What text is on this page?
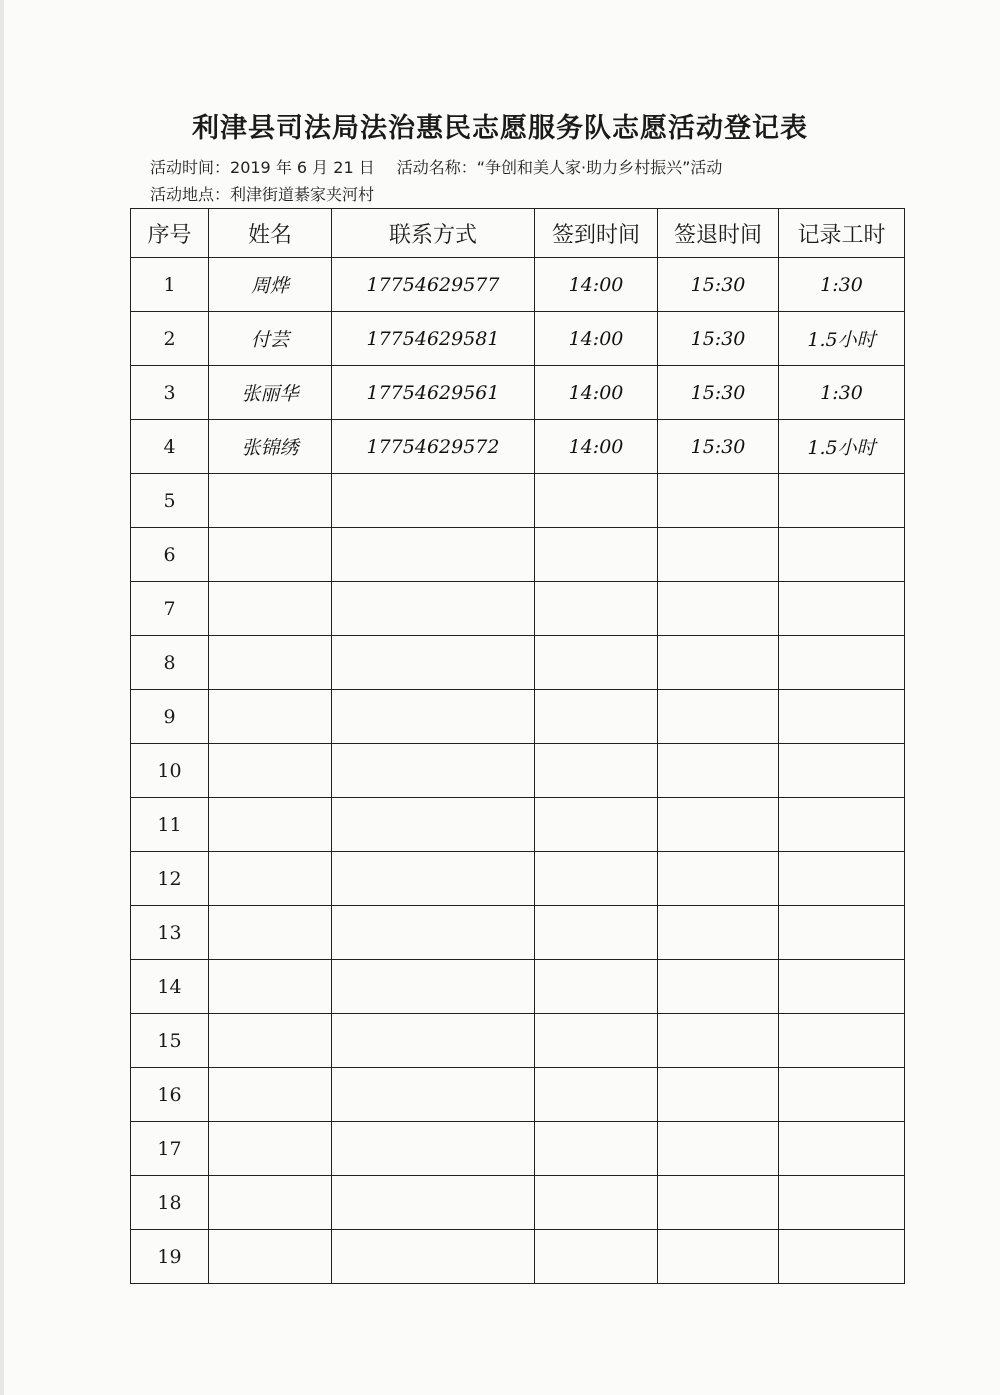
利津县司法局法治惠民志愿服务队志愿活动登记表
活动时间：2019 年 6 月 21 日 活动名称：“争创和美人家·助力乡村振兴”活动
活动地点：利津街道綦家夹河村
序号	姓名	联系方式	签到时间	签退时间	记录工时
1	周烨	17754629577	14:00	15:30	1:30
2	付芸	17754629581	14:00	15:30	1.5小时
3	张丽华	17754629561	14:00	15:30	1:30
4	张锦绣	17754629572	14:00	15:30	1.5小时
5					
6					
7					
8					
9					
10					
11					
12					
13					
14					
15					
16					
17					
18					
19					
